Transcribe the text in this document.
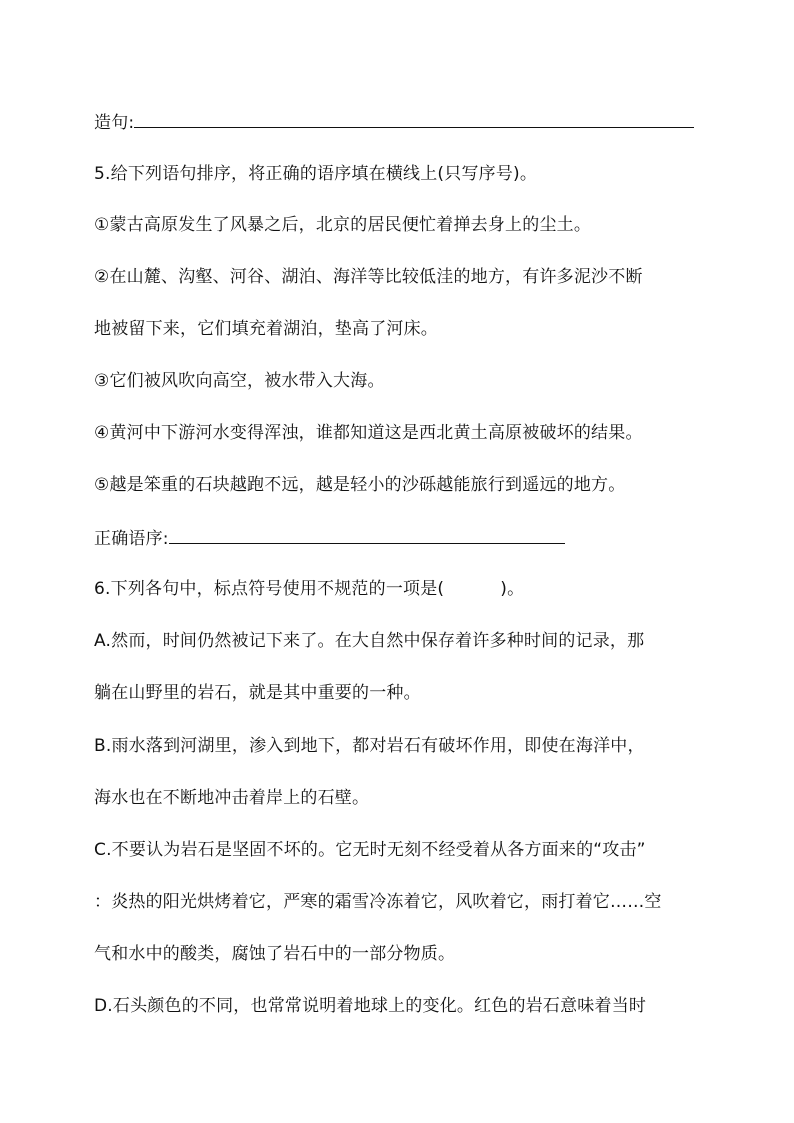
造句:
5.给下列语句排序，将正确的语序填在横线上(只写序号)。
①蒙古高原发生了风暴之后，北京的居民便忙着掸去身上的尘土。
②在山麓、沟壑、河谷、湖泊、海洋等比较低洼的地方，有许多泥沙不断
地被留下来，它们填充着湖泊，垫高了河床。
③它们被风吹向高空，被水带入大海。
④黄河中下游河水变得浑浊，谁都知道这是西北黄土高原被破坏的结果。
⑤越是笨重的石块越跑不远，越是轻小的沙砾越能旅行到遥远的地方。
正确语序:
6.下列各句中，标点符号使用不规范的一项是(	)。
A.然而，时间仍然被记下来了。在大自然中保存着许多种时间的记录，那
躺在山野里的岩石，就是其中重要的一种。
B.雨水落到河湖里，渗入到地下，都对岩石有破坏作用，即使在海洋中，
海水也在不断地冲击着岸上的石壁。
C.不要认为岩石是坚固不坏的。它无时无刻不经受着从各方面来的“攻击”
：炎热的阳光烘烤着它，严寒的霜雪冷冻着它，风吹着它，雨打着它……空
气和水中的酸类，腐蚀了岩石中的一部分物质。
D.石头颜色的不同，也常常说明着地球上的变化。红色的岩石意味着当时
